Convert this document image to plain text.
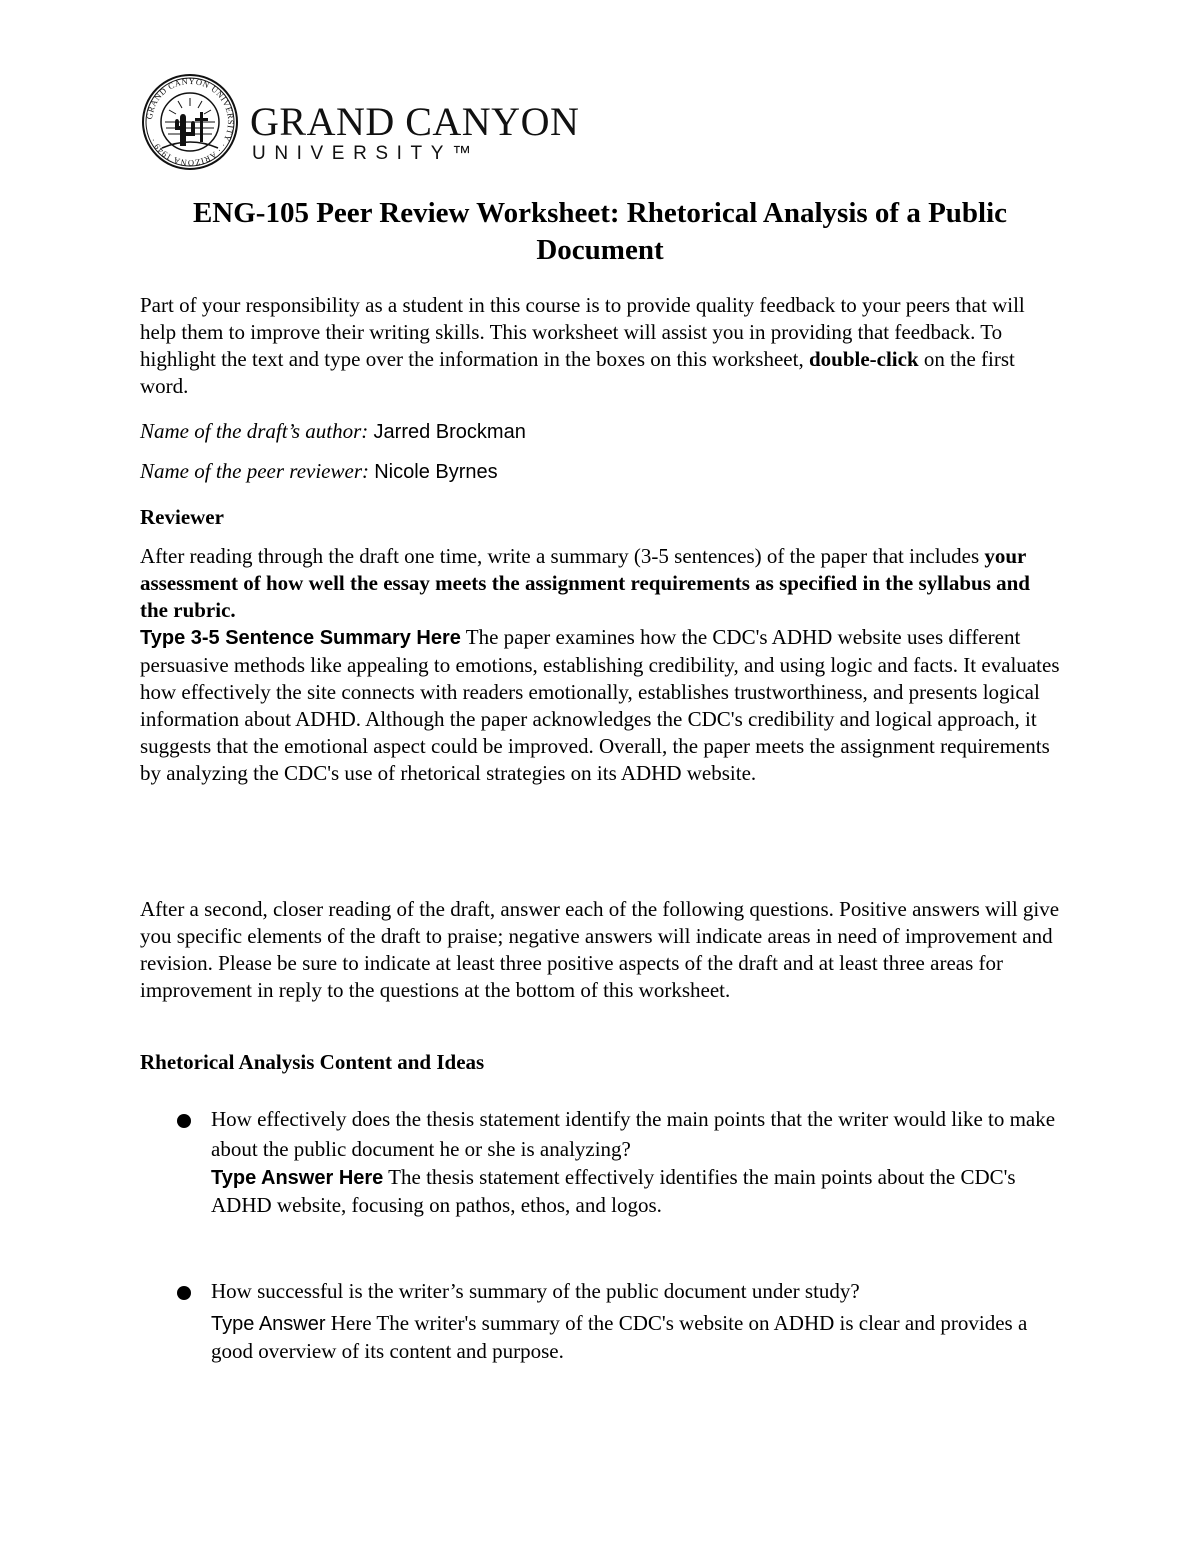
GRAND CANYON UNIVERSITY · · ARIZONA 1949 ·	GRAND CANYON
UNIVERSITY™
ENG-105 Peer Review Worksheet: Rhetorical Analysis of a Public Document
Part of your responsibility as a student in this course is to provide quality feedback to your peers that will help them to improve their writing skills. This worksheet will assist you in providing that feedback. To highlight the text and type over the information in the boxes on this worksheet, double-click on the first word.
Name of the draft’s author: Jarred Brockman
Name of the peer reviewer: Nicole Byrnes
Reviewer
After reading through the draft one time, write a summary (3-5 sentences) of the paper that includes your assessment of how well the essay meets the assignment requirements as specified in the syllabus and the rubric.
Type 3-5 Sentence Summary Here The paper examines how the CDC's ADHD website uses different persuasive methods like appealing to emotions, establishing credibility, and using logic and facts. It evaluates how effectively the site connects with readers emotionally, establishes trustworthiness, and presents logical information about ADHD. Although the paper acknowledges the CDC's credibility and logical approach, it suggests that the emotional aspect could be improved. Overall, the paper meets the assignment requirements by analyzing the CDC's use of rhetorical strategies on its ADHD website.
After a second, closer reading of the draft, answer each of the following questions. Positive answers will give you specific elements of the draft to praise; negative answers will indicate areas in need of improvement and revision. Please be sure to indicate at least three positive aspects of the draft and at least three areas for improvement in reply to the questions at the bottom of this worksheet.
Rhetorical Analysis Content and Ideas
How effectively does the thesis statement identify the main points that the writer would like to make about the public document he or she is analyzing?
Type Answer Here The thesis statement effectively identifies the main points about the CDC's ADHD website, focusing on pathos, ethos, and logos.
How successful is the writer’s summary of the public document under study?
Type Answer Here The writer's summary of the CDC's website on ADHD is clear and provides a good overview of its content and purpose.
